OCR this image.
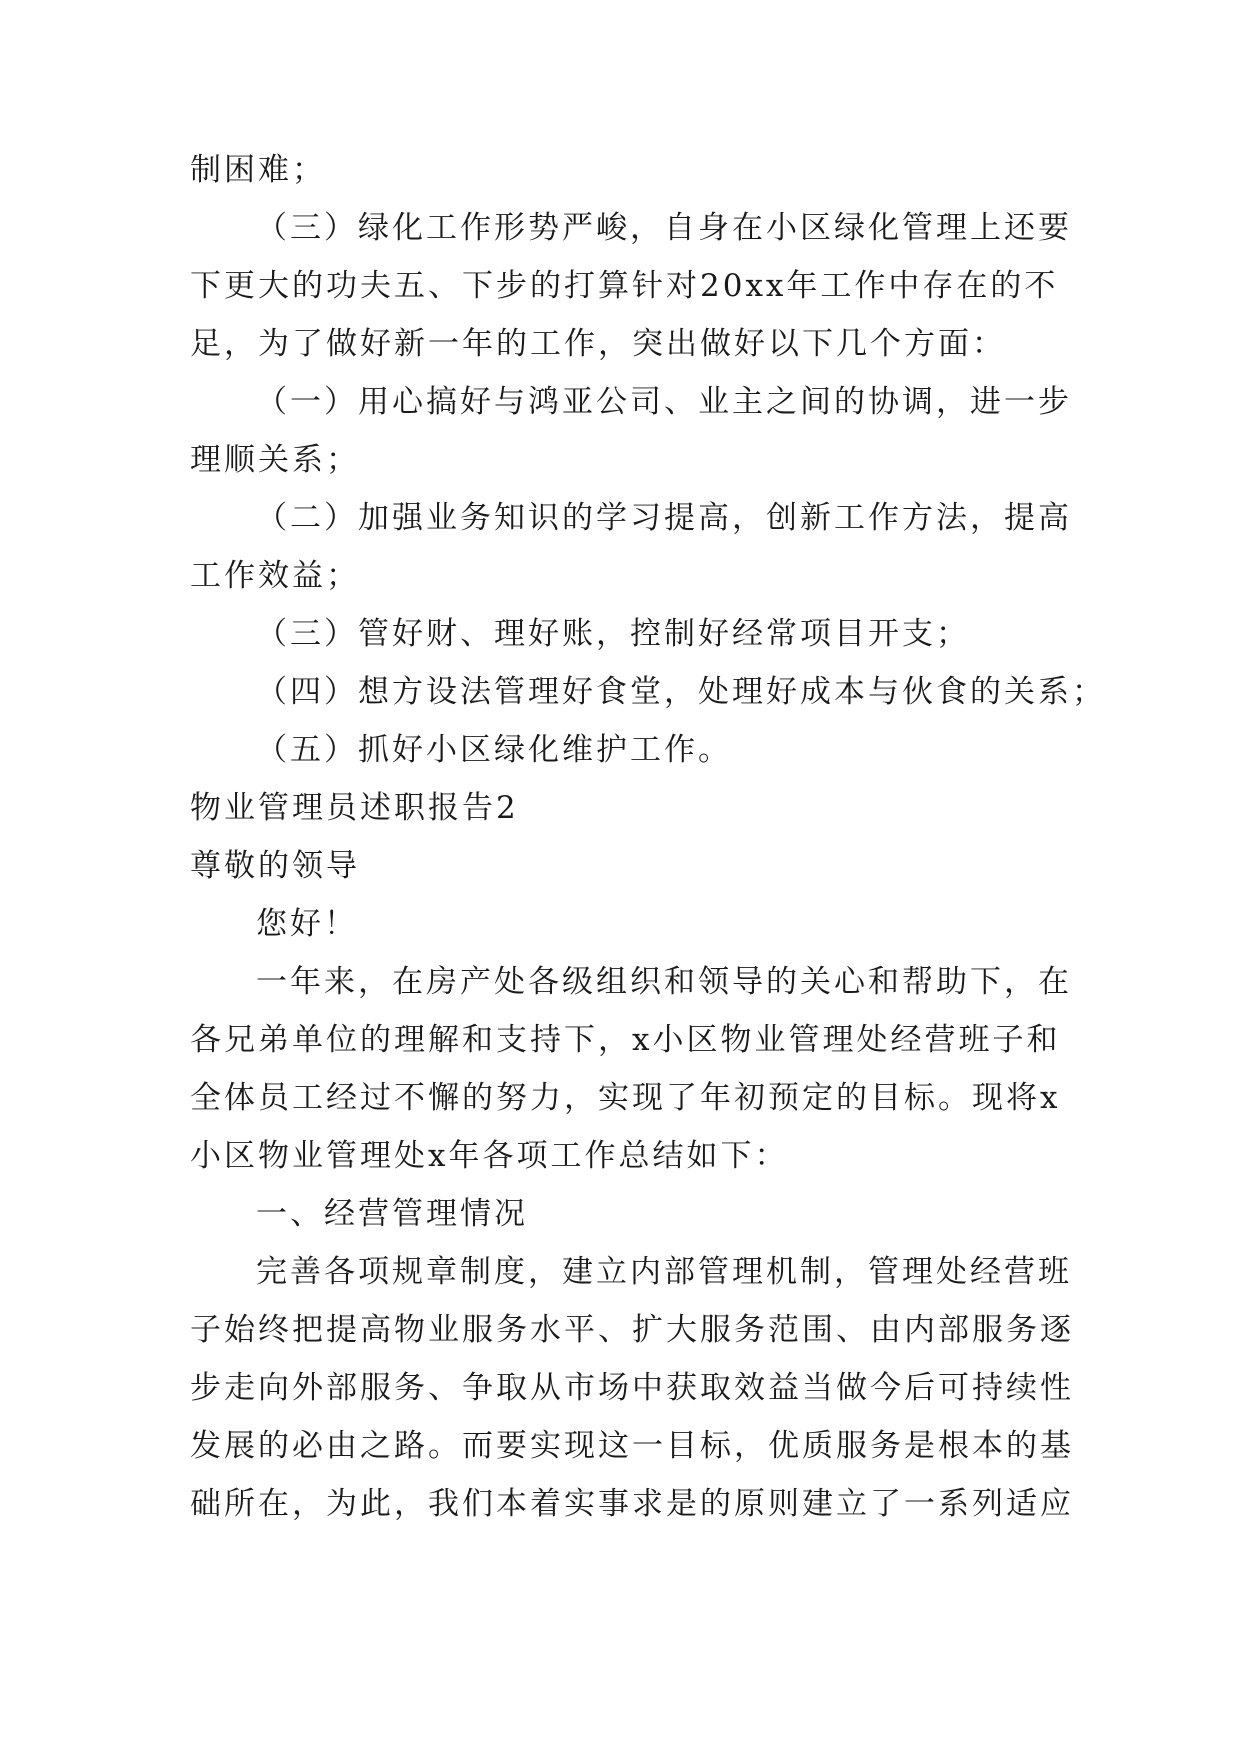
制困难；
（三）绿化工作形势严峻，自身在小区绿化管理上还要
下更大的功夫五、下步的打算针对20xx年工作中存在的不
足，为了做好新一年的工作，突出做好以下几个方面：
（一）用心搞好与鸿亚公司、业主之间的协调，进一步
理顺关系；
（二）加强业务知识的学习提高，创新工作方法，提高
工作效益；
（三）管好财、理好账，控制好经常项目开支；
（四）想方设法管理好食堂，处理好成本与伙食的关系；
（五）抓好小区绿化维护工作。
物业管理员述职报告2
尊敬的领导
您好！
一年来，在房产处各级组织和领导的关心和帮助下，在
各兄弟单位的理解和支持下，x小区物业管理处经营班子和
全体员工经过不懈的努力，实现了年初预定的目标。现将x
小区物业管理处x年各项工作总结如下：
一、经营管理情况
完善各项规章制度，建立内部管理机制，管理处经营班
子始终把提高物业服务水平、扩大服务范围、由内部服务逐
步走向外部服务、争取从市场中获取效益当做今后可持续性
发展的必由之路。而要实现这一目标，优质服务是根本的基
础所在，为此，我们本着实事求是的原则建立了一系列适应
